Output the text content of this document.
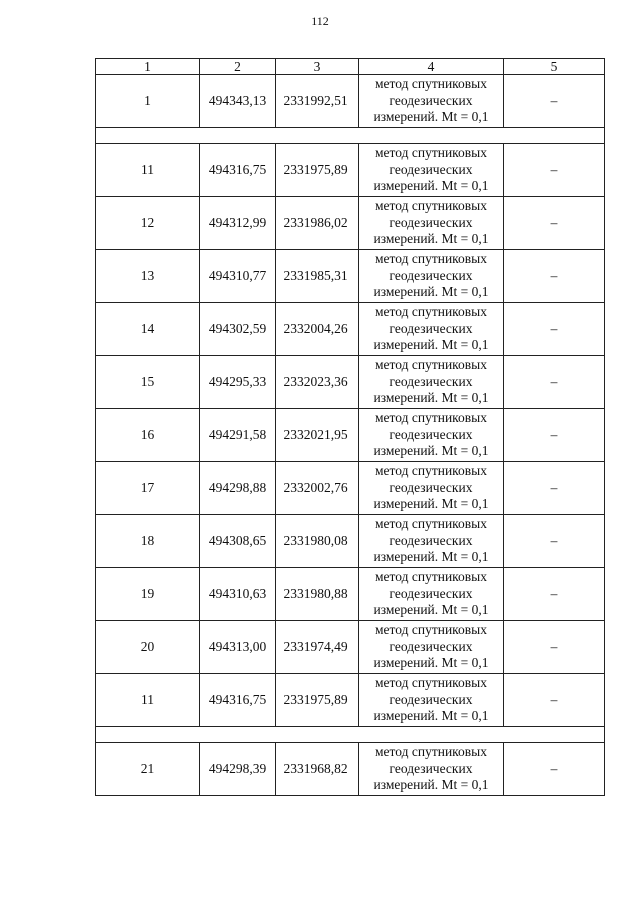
112
1	2	3	4	5
1	494343,13	2331992,51	метод спутниковых
геодезических
измерений. Mt = 0,1	–

11	494316,75	2331975,89	метод спутниковых
геодезических
измерений. Mt = 0,1	–
12	494312,99	2331986,02	метод спутниковых
геодезических
измерений. Mt = 0,1	–
13	494310,77	2331985,31	метод спутниковых
геодезических
измерений. Mt = 0,1	–
14	494302,59	2332004,26	метод спутниковых
геодезических
измерений. Mt = 0,1	–
15	494295,33	2332023,36	метод спутниковых
геодезических
измерений. Mt = 0,1	–
16	494291,58	2332021,95	метод спутниковых
геодезических
измерений. Mt = 0,1	–
17	494298,88	2332002,76	метод спутниковых
геодезических
измерений. Mt = 0,1	–
18	494308,65	2331980,08	метод спутниковых
геодезических
измерений. Mt = 0,1	–
19	494310,63	2331980,88	метод спутниковых
геодезических
измерений. Mt = 0,1	–
20	494313,00	2331974,49	метод спутниковых
геодезических
измерений. Mt = 0,1	–
11	494316,75	2331975,89	метод спутниковых
геодезических
измерений. Mt = 0,1	–

21	494298,39	2331968,82	метод спутниковых
геодезических
измерений. Mt = 0,1	–
